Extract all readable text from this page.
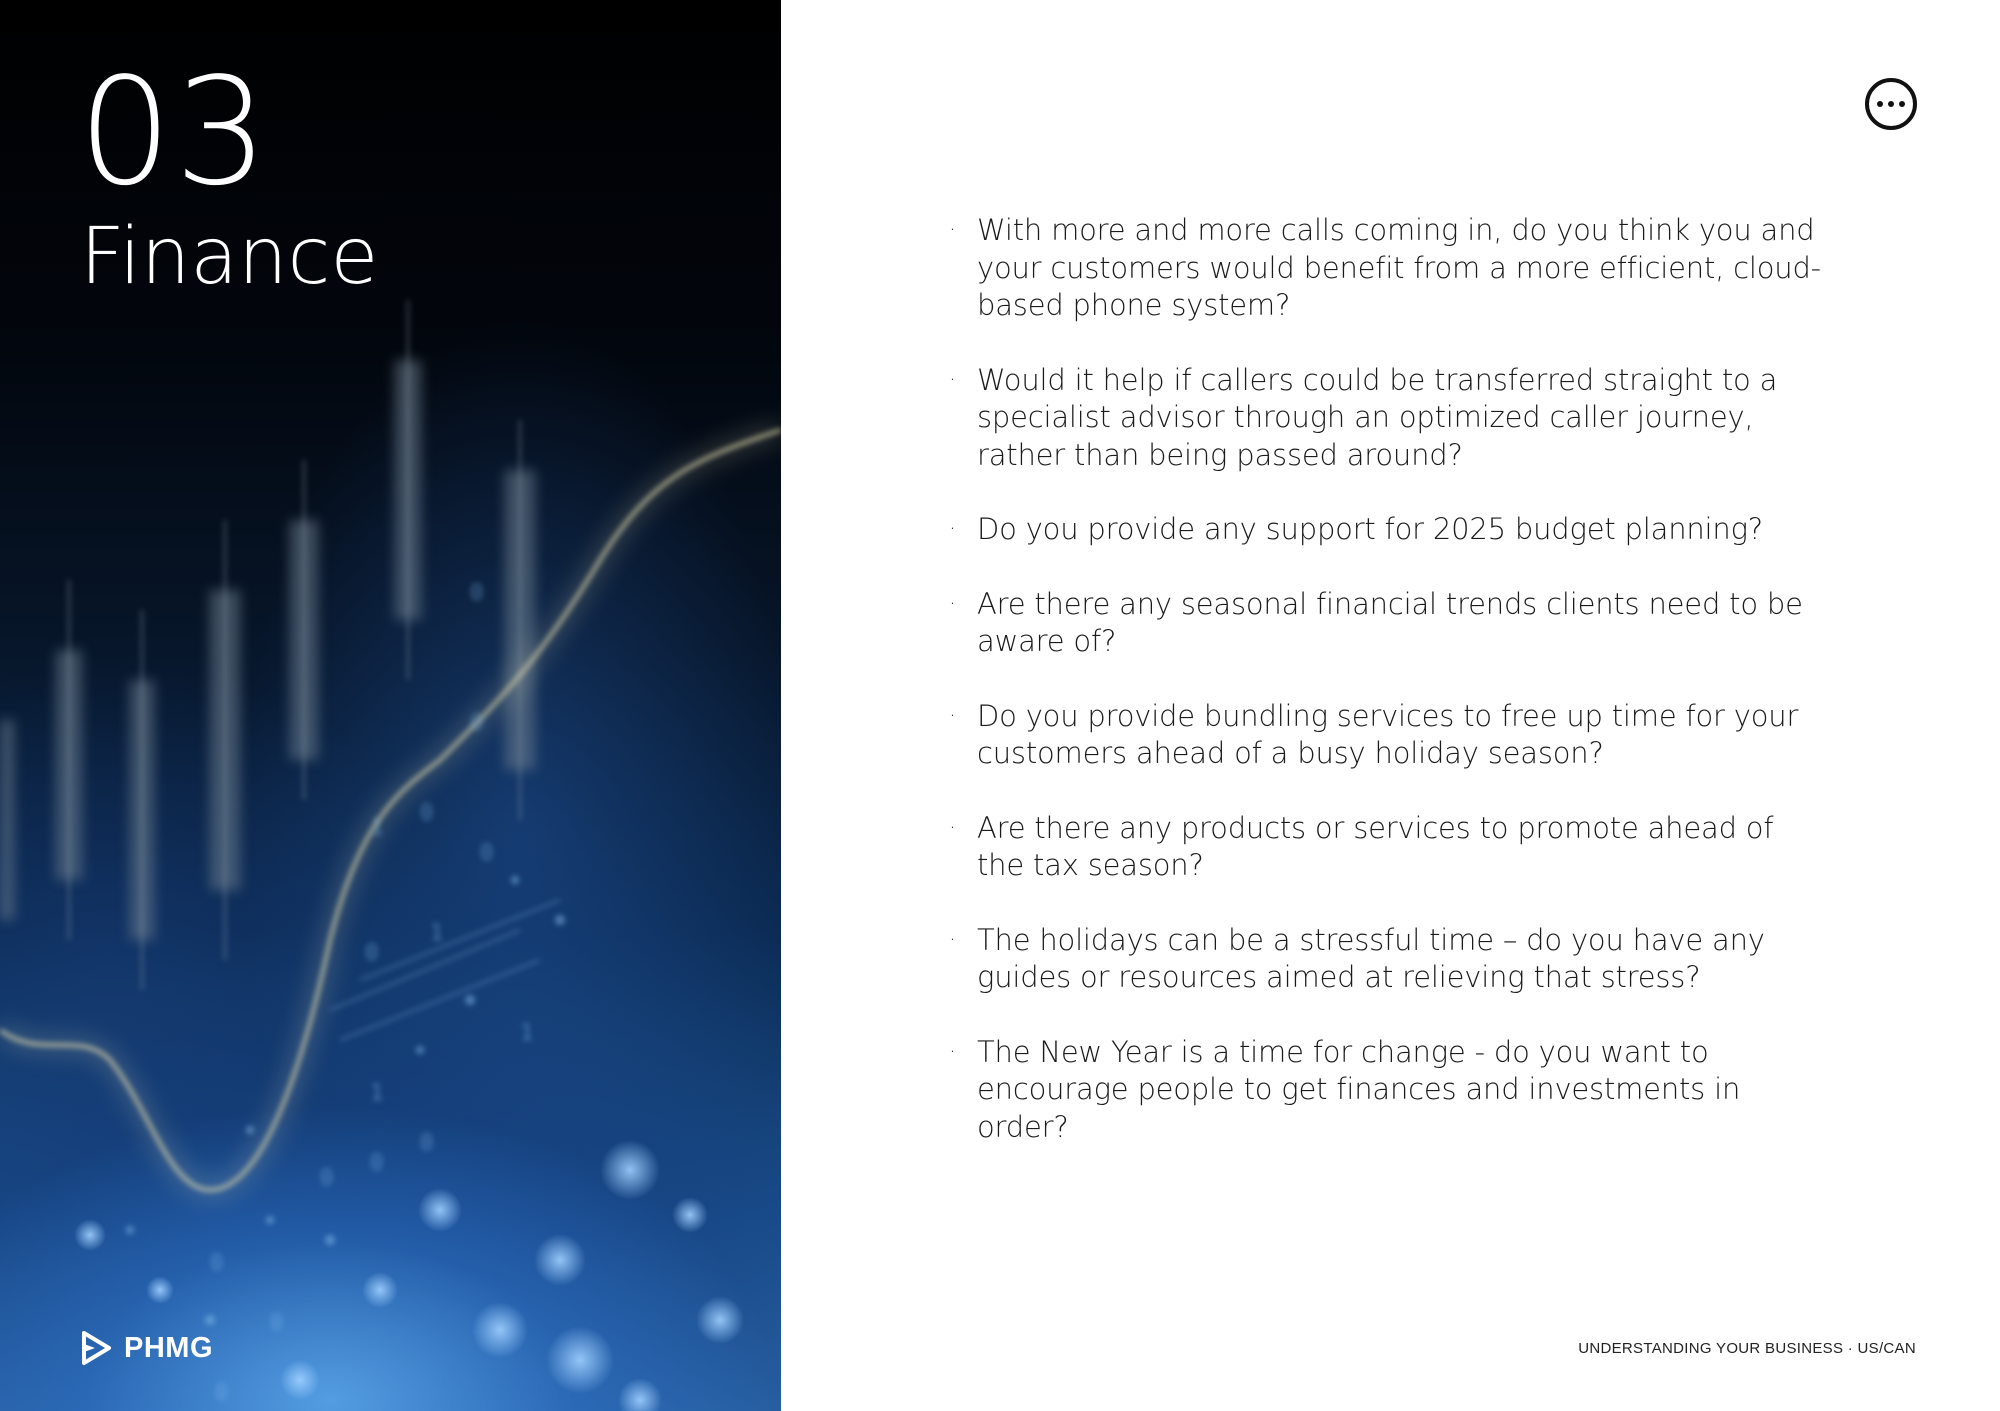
0
0
1
0
1
0
0
0
0
1
0
0
0
1
0
03
Finance
PHMG
· With more and more calls coming in, do you think you and your customers would benefit from a more efficient, cloud-based phone system?
· Would it help if callers could be transferred straight to a specialist advisor through an optimized caller journey, rather than being passed around?
· Do you provide any support for 2025 budget planning?
· Are there any seasonal financial trends clients need to be aware of?
· Do you provide bundling services to free up time for your customers ahead of a busy holiday season?
· Are there any products or services to promote ahead of the tax season?
· The holidays can be a stressful time – do you have any guides or resources aimed at relieving that stress?
· The New Year is a time for change - do you want to encourage people to get finances and investments in order?
UNDERSTANDING YOUR BUSINESS · US/CAN
